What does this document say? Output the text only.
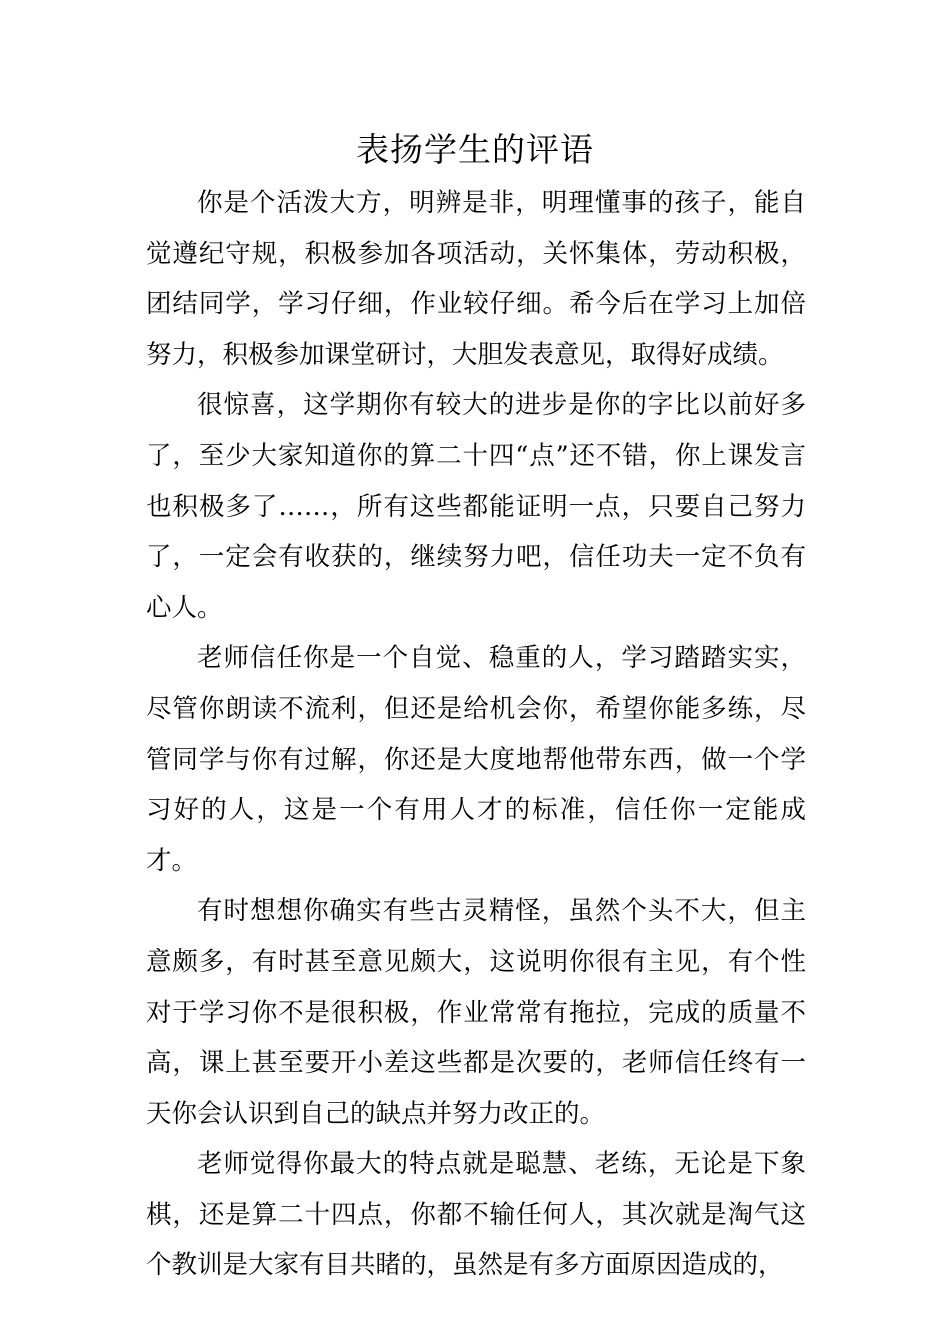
表扬学生的评语

你是个活泼大方，明辨是非，明理懂事的孩子，能自觉遵纪守规，积极参加各项活动，关怀集体，劳动积极，团结同学，学习仔细，作业较仔细。希今后在学习上加倍努力，积极参加课堂研讨，大胆发表意见，取得好成绩。

很惊喜，这学期你有较大的进步是你的字比以前好多了，至少大家知道你的算二十四“点”还不错，你上课发言也积极多了……，所有这些都能证明一点，只要自己努力了，一定会有收获的，继续努力吧，信任功夫一定不负有心人。

老师信任你是一个自觉、稳重的人，学习踏踏实实，尽管你朗读不流利，但还是给机会你，希望你能多练，尽管同学与你有过解，你还是大度地帮他带东西，做一个学习好的人，这是一个有用人才的标准，信任你一定能成才。

有时想想你确实有些古灵精怪，虽然个头不大，但主意颇多，有时甚至意见颇大，这说明你很有主见，有个性对于学习你不是很积极，作业常常有拖拉，完成的质量不高，课上甚至要开小差这些都是次要的，老师信任终有一天你会认识到自己的缺点并努力改正的。

老师觉得你最大的特点就是聪慧、老练，无论是下象棋，还是算二十四点，你都不输任何人，其次就是淘气这个教训是大家有目共睹的，虽然是有多方面原因造成的，
